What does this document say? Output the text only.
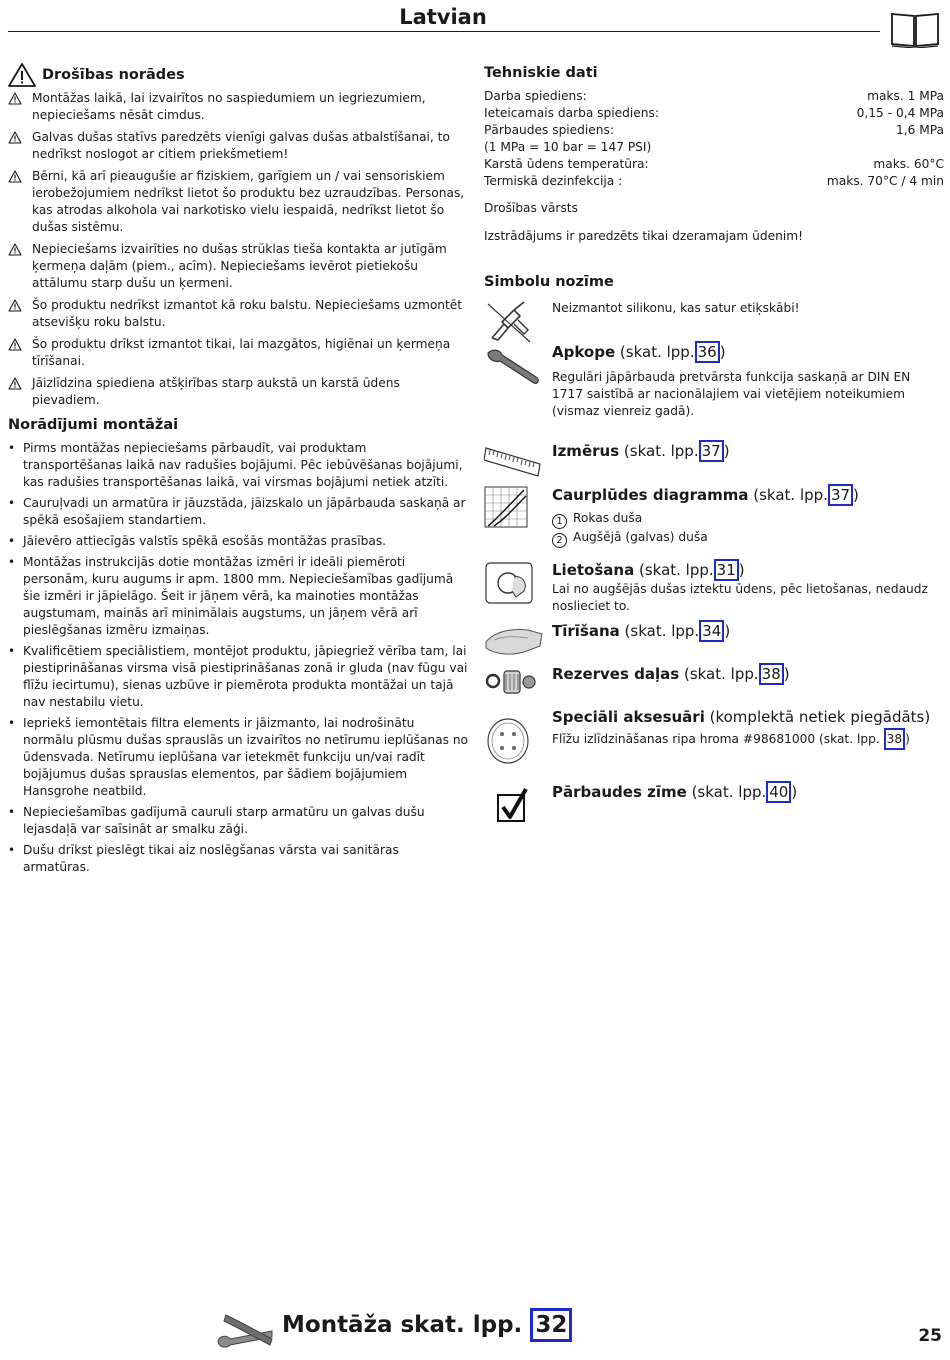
Latvian
Drošības norādes
Montāžas laikā, lai izvairītos no saspiedumiem un iegriezumiem, nepieciešams nēsāt cimdus.
Galvas dušas statīvs paredzēts vienīgi galvas dušas atbalstīšanai, to nedrīkst noslogot ar citiem priekšmetiem!
Bērni, kā arī pieaugušie ar fiziskiem, garīgiem un / vai sensoriskiem ierobežojumiem nedrīkst lietot šo produktu bez uzraudzības. Personas, kas atrodas alkohola vai narkotisko vielu iespaidā, nedrīkst lietot šo dušas sistēmu.
Nepieciešams izvairīties no dušas strūklas tieša kontakta ar jutīgām ķermeņa daļām (piem., acīm). Nepieciešams ievērot pietiekošu attālumu starp dušu un ķermeni.
Šo produktu nedrīkst izmantot kā roku balstu. Nepieciešams uzmontēt atsevišķu roku balstu.
Šo produktu drīkst izmantot tikai, lai mazgātos, higiēnai un ķermeņa tīrīšanai.
Jāizlīdzina spiediena atšķirības starp aukstā un karstā ūdens pievadiem.
Norādījumi montāžai
• Pirms montāžas nepieciešams pārbaudīt, vai produktam transportēšanas laikā nav radušies bojājumi. Pēc iebūvēšanas bojājumi, kas radušies transportēšanas laikā, vai virsmas bojājumi netiek atzīti.
• Cauruļvadi un armatūra ir jāuzstāda, jāizskalo un jāpārbauda saskaņā ar spēkā esošajiem standartiem.
• Jāievēro attiecīgās valstīs spēkā esošās montāžas prasības.
• Montāžas instrukcijās dotie montāžas izmēri ir ideāli piemēroti personām, kuru augums ir apm. 1800 mm. Nepieciešamības gadījumā šie izmēri ir jāpielāgo. Šeit ir jāņem vērā, ka mainoties montāžas augstumam, mainās arī minimālais augstums, un jāņem vērā arī pieslēgšanas izmēru izmaiņas.
• Kvalificētiem speciālistiem, montējot produktu, jāpiegriež vērība tam, lai piestiprināšanas virsma visā piestiprināšanas zonā ir gluda (nav fūgu vai flīžu iecirtumu), sienas uzbūve ir piemērota produkta montāžai un tajā nav nestabilu vietu.
• Iepriekš iemontētais filtra elements ir jāizmanto, lai nodrošinātu normālu plūsmu dušas sprauslās un izvairītos no netīrumu ieplūšanas no ūdensvada. Netīrumu ieplūšana var ietekmēt funkciju un/vai radīt bojājumus dušas sprauslas elementos, par šādiem bojājumiem Hansgrohe neatbild.
• Nepieciešamības gadījumā cauruli starp armatūru un galvas dušu lejasdaļā var saīsināt ar smalku zāģi.
• Dušu drīkst pieslēgt tikai aiz noslēgšanas vārsta vai sanitāras armatūras.
Tehniskie dati
Darba spiediens:	maks. 1 MPa
Ieteicamais darba spiediens:	0,15 - 0,4 MPa
Pārbaudes spiediens:	1,6 MPa
(1 MPa = 10 bar = 147 PSI)
Karstā ūdens temperatūra:	maks. 60°C
Termiskā dezinfekcija :	maks. 70°C / 4 min
Drošības vārsts
Izstrādājums ir paredzēts tikai dzeramajam ūdenim!
Simbolu nozīme
Neizmantot silikonu, kas satur etiķskābi!
Apkope (skat. lpp. 36 )
Regulāri jāpārbauda pretvārsta funkcija saskaņā ar DIN EN 1717 saistībā ar nacionālajiem vai vietējiem noteikumiem (vismaz vienreiz gadā).
Izmērus (skat. lpp. 37 )
Caurplūdes diagramma (skat. lpp. 37 )
1 Rokas duša
2 Augšējā (galvas) duša
Lietošana (skat. lpp. 31 )
Lai no augšējās dušas iztektu ūdens, pēc lietošanas, nedaudz noslieciet to.
Tīrīšana (skat. lpp. 34 )
Rezerves daļas (skat. lpp. 38 )
Speciāli aksesuāri (komplektā netiek piegādāts)
Flīžu izlīdzināšanas ripa hroma #98681000 (skat. lpp. 38 )
Pārbaudes zīme (skat. lpp. 40 )
Montāža skat. lpp. 32	25
